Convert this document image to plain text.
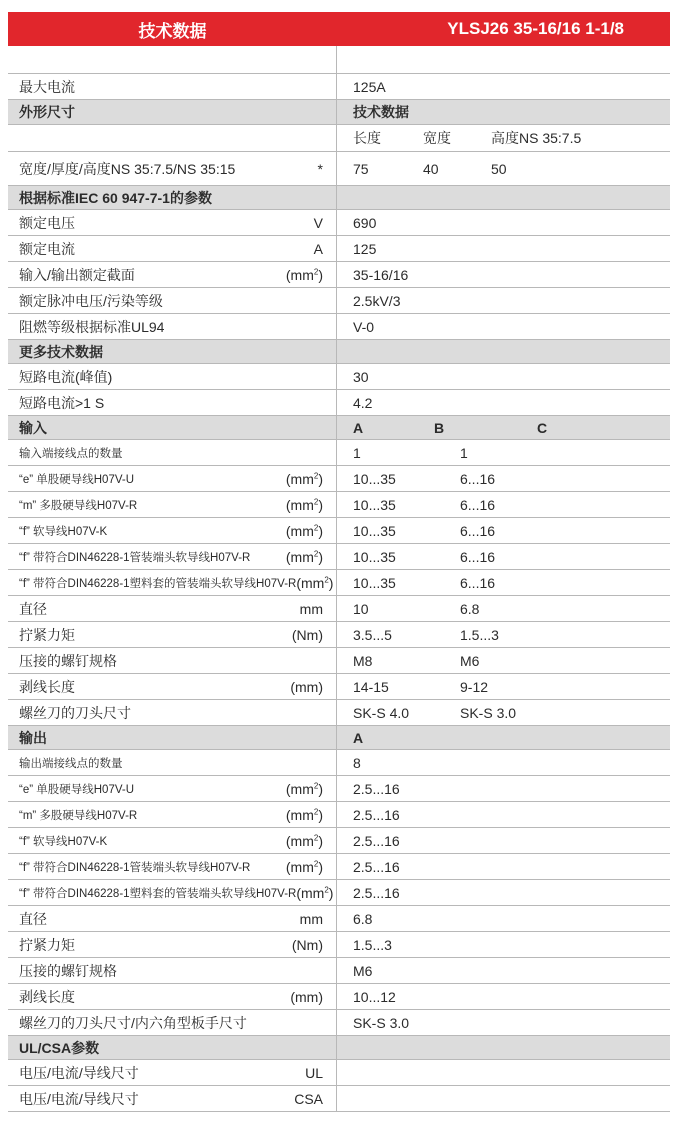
技术数据	YLSJ26 35-16/16 1-1/8
最大电流	125A
外形尺寸	技术数据
长度	宽度	高度NS 35:7.5
宽度/厚度/高度NS 35:7.5/NS 35:15	* 75	40	50
根据标准IEC 60 947-7-1的参数
额定电压	V 690
额定电流	A 125
输入/输出额定截面	$(mm^2)$ 35-16/16
额定脉冲电压/污染等级	2.5kV/3
阻燃等级根据标准UL94	V-0
更多技术数据
短路电流(峰值)	30
短路电流>1 S	4.2
输入	A	B	C
输入端接线点的数量	1	1
“e” 单股硬导线H07V-U	$(mm^2)$ 10...35	6...16
“m” 多股硬导线H07V-R	$(mm^2)$ 10...35	6...16
“f” 软导线H07V-K	$(mm^2)$ 10...35	6...16
“f” 带符合DIN46228-1管装端头软导线H07V-R	$(mm^2)$ 10...35	6...16
“f” 带符合DIN46228-1塑料套的管装端头软导线H07V-R $(mm^2)$ 10...35	6...16
直径	mm 10	6.8
拧紧力矩	(Nm) 3.5...5	1.5...3
压接的螺钉规格	M8	M6
剥线长度	(mm) 14-15	9-12
螺丝刀的刀头尺寸	SK-S 4.0	SK-S 3.0
输出	A
输出端接线点的数量	8
“e” 单股硬导线H07V-U	$(mm^2)$ 2.5...16
“m” 多股硬导线H07V-R	$(mm^2)$ 2.5...16
“f” 软导线H07V-K	$(mm^2)$ 2.5...16
“f” 带符合DIN46228-1管装端头软导线H07V-R	$(mm^2)$ 2.5...16
“f” 带符合DIN46228-1塑料套的管装端头软导线H07V-R $(mm^2)$ 2.5...16
直径	mm 6.8
拧紧力矩	(Nm) 1.5...3
压接的螺钉规格	M6
剥线长度	(mm) 10...12
螺丝刀的刀头尺寸/内六角型板手尺寸	SK-S 3.0
UL/CSA参数
电压/电流/导线尺寸	UL
电压/电流/导线尺寸	CSA
